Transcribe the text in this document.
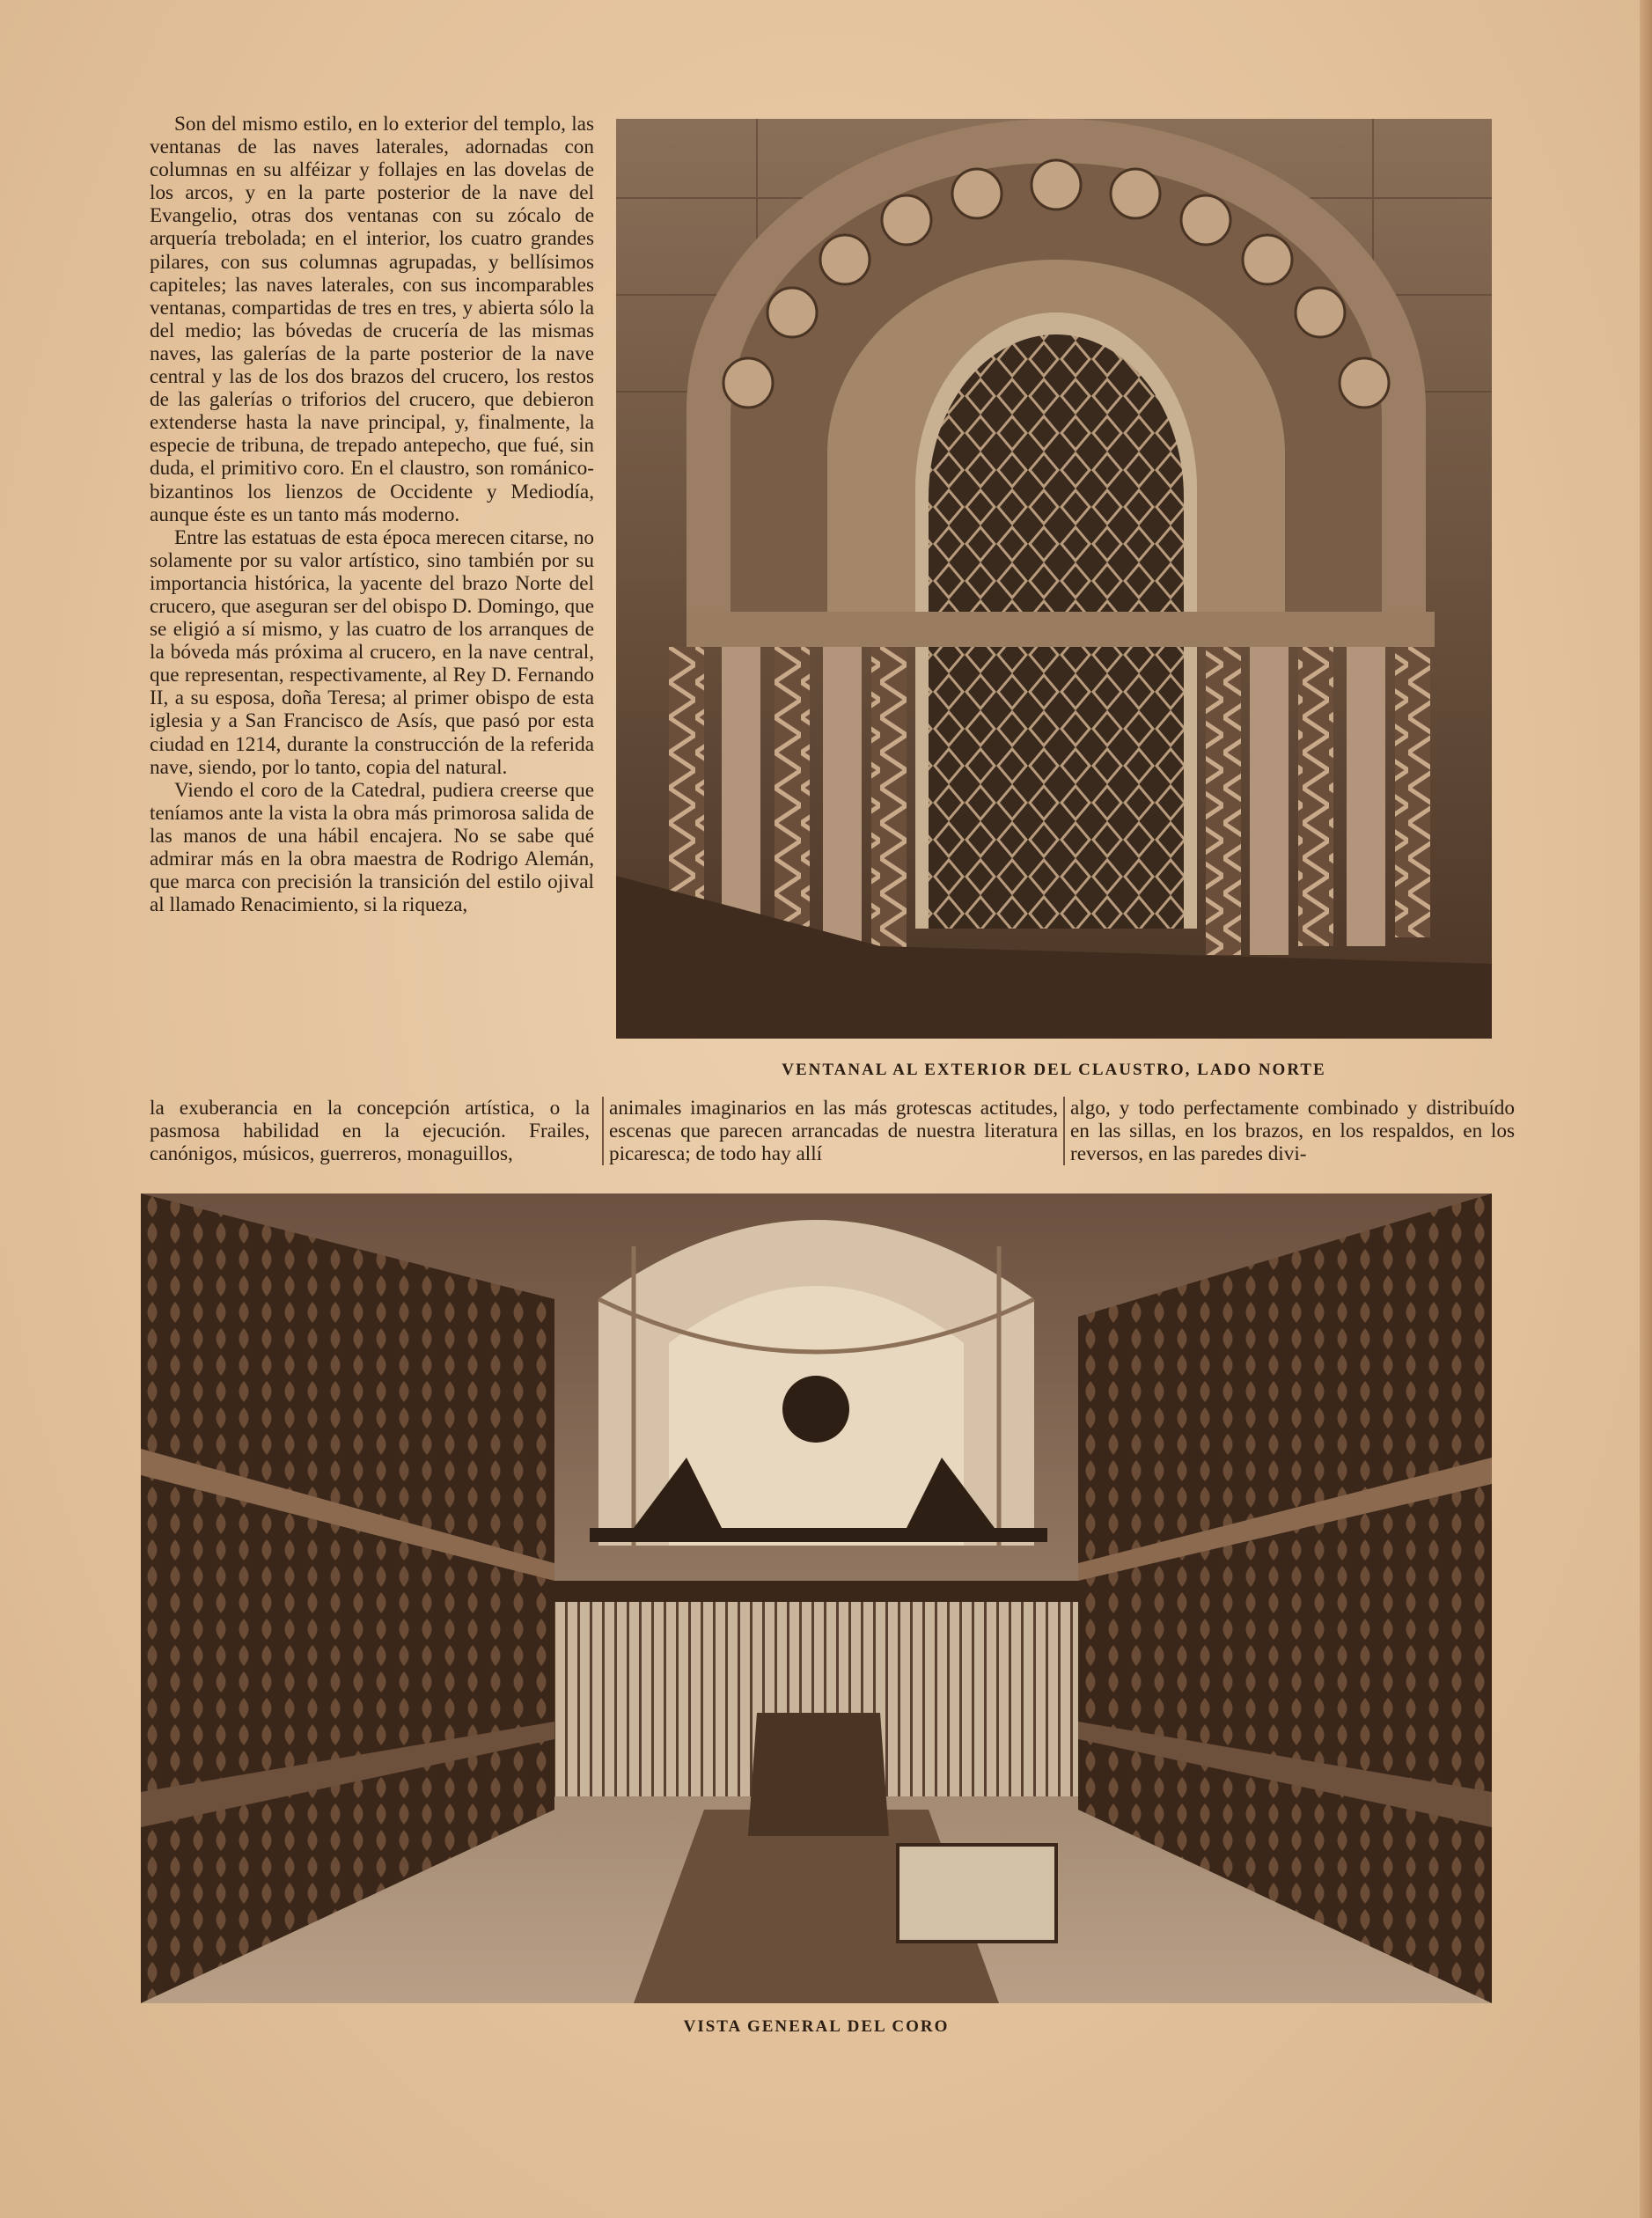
Son del mismo estilo, en lo exterior del templo, las ventanas de las naves laterales, adornadas con columnas en su alféizar y follajes en las dovelas de los arcos, y en la parte posterior de la nave del Evangelio, otras dos ventanas con su zócalo de arquería trebolada; en el interior, los cuatro grandes pilares, con sus columnas agrupadas, y bellísimos capiteles; las naves laterales, con sus incomparables ventanas, compartidas de tres en tres, y abierta sólo la del medio; las bóvedas de crucería de las mismas naves, las galerías de la parte posterior de la nave central y las de los dos brazos del crucero, los restos de las galerías o triforios del crucero, que debieron extenderse hasta la nave principal, y, finalmente, la especie de tribuna, de trepado antepecho, que fué, sin duda, el primitivo coro. En el claustro, son románico-bizantinos los lienzos de Occidente y Mediodía, aunque éste es un tanto más moderno.

Entre las estatuas de esta época merecen citarse, no solamente por su valor artístico, sino también por su importancia histórica, la yacente del brazo Norte del crucero, que aseguran ser del obispo D. Domingo, que se eligió a sí mismo, y las cuatro de los arranques de la bóveda más próxima al crucero, en la nave central, que representan, respectivamente, al Rey D. Fernando II, a su esposa, doña Teresa; al primer obispo de esta iglesia y a San Francisco de Asís, que pasó por esta ciudad en 1214, durante la construcción de la referida nave, siendo, por lo tanto, copia del natural.

Viendo el coro de la Catedral, pudiera creerse que teníamos ante la vista la obra más primorosa salida de las manos de una hábil encajera. No se sabe qué admirar más en la obra maestra de Rodrigo Alemán, que marca con precisión la transición del estilo ojival al llamado Renacimiento, si la riqueza,

la exuberancia en la concepción artística, o la pasmosa habilidad en la ejecución. Frailes, canónigos, músicos, guerreros, monaguillos,

animales imaginarios en las más grotescas actitudes, escenas que parecen arrancadas de nuestra literatura picaresca; de todo hay allí

algo, y todo perfectamente combinado y distribuído en las sillas, en los brazos, en los respaldos, en los reversos, en las paredes divi-

VENTANAL AL EXTERIOR DEL CLAUSTRO, LADO NORTE
VISTA GENERAL DEL CORO
